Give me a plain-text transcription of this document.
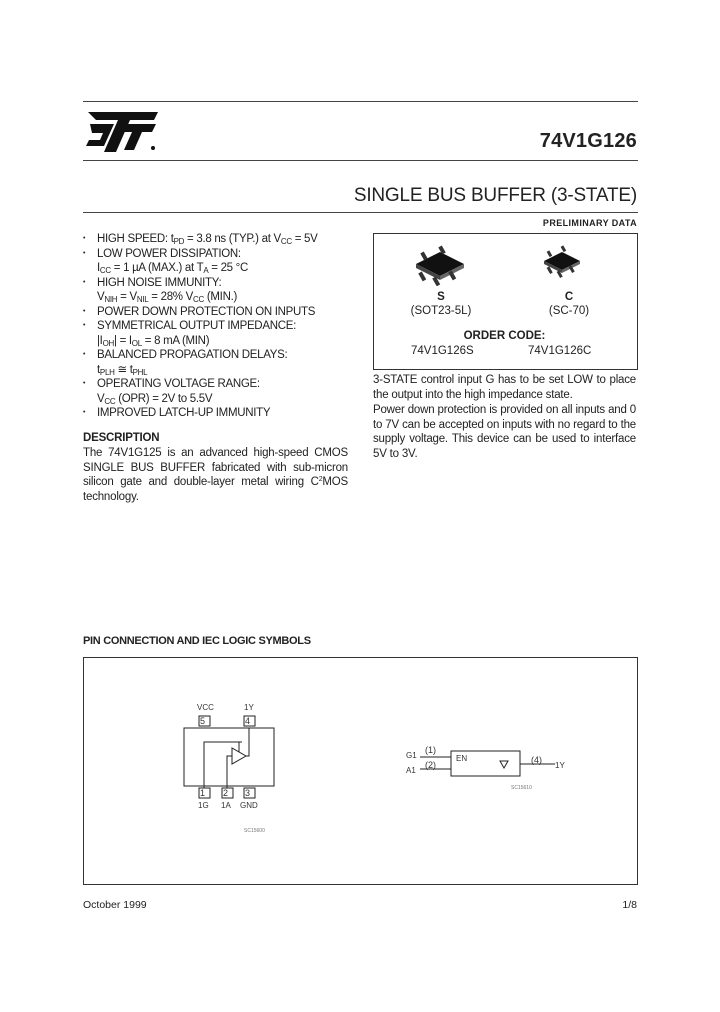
74V1G126
SINGLE BUS BUFFER (3-STATE)
PRELIMINARY DATA
• HIGH SPEED: $t_{PD} = 3.8$ ns (TYP.) at $V_{CC} = 5V$
• LOW POWER DISSIPATION:
$I_{CC} = 1$ µA (MAX.) at $T_A = 25$ °C
• HIGH NOISE IMMUNITY:
$V_{NIH} = V_{NIL} = 28\%$ $V_{CC}$ (MIN.)
• POWER DOWN PROTECTION ON INPUTS
• SYMMETRICAL OUTPUT IMPEDANCE:
$|I_{OH}| = I_{OL} = 8$ mA (MIN)
• BALANCED PROPAGATION DELAYS:
$t_{PLH}$ ≅ $t_{PHL}$
• OPERATING VOLTAGE RANGE:
$V_{CC}$ (OPR) = 2V to 5.5V
• IMPROVED LATCH-UP IMMUNITY
DESCRIPTION
The 74V1G125 is an advanced high-speed CMOS SINGLE BUS BUFFER fabricated with sub-micron silicon gate and double-layer metal wiring $C^2MOS$ technology.
S
(SOT23-5L)
C
(SC-70)
ORDER CODE:
74V1G126S	74V1G126C

3-STATE control input G has to be set LOW to place the output into the high impedance state.

Power down protection is provided on all inputs and 0 to 7V can be accepted on inputs with no regard to the supply voltage. This device can be used to interface 5V to 3V.

PIN CONNECTION AND IEC LOGIC SYMBOLS
5	4
VCC	1Y
1 2 3
1G 1A GND
SC15600
G1
A1
(1)
(2)
EN	(4)
1Y
SC15610
October 1999	1/8
